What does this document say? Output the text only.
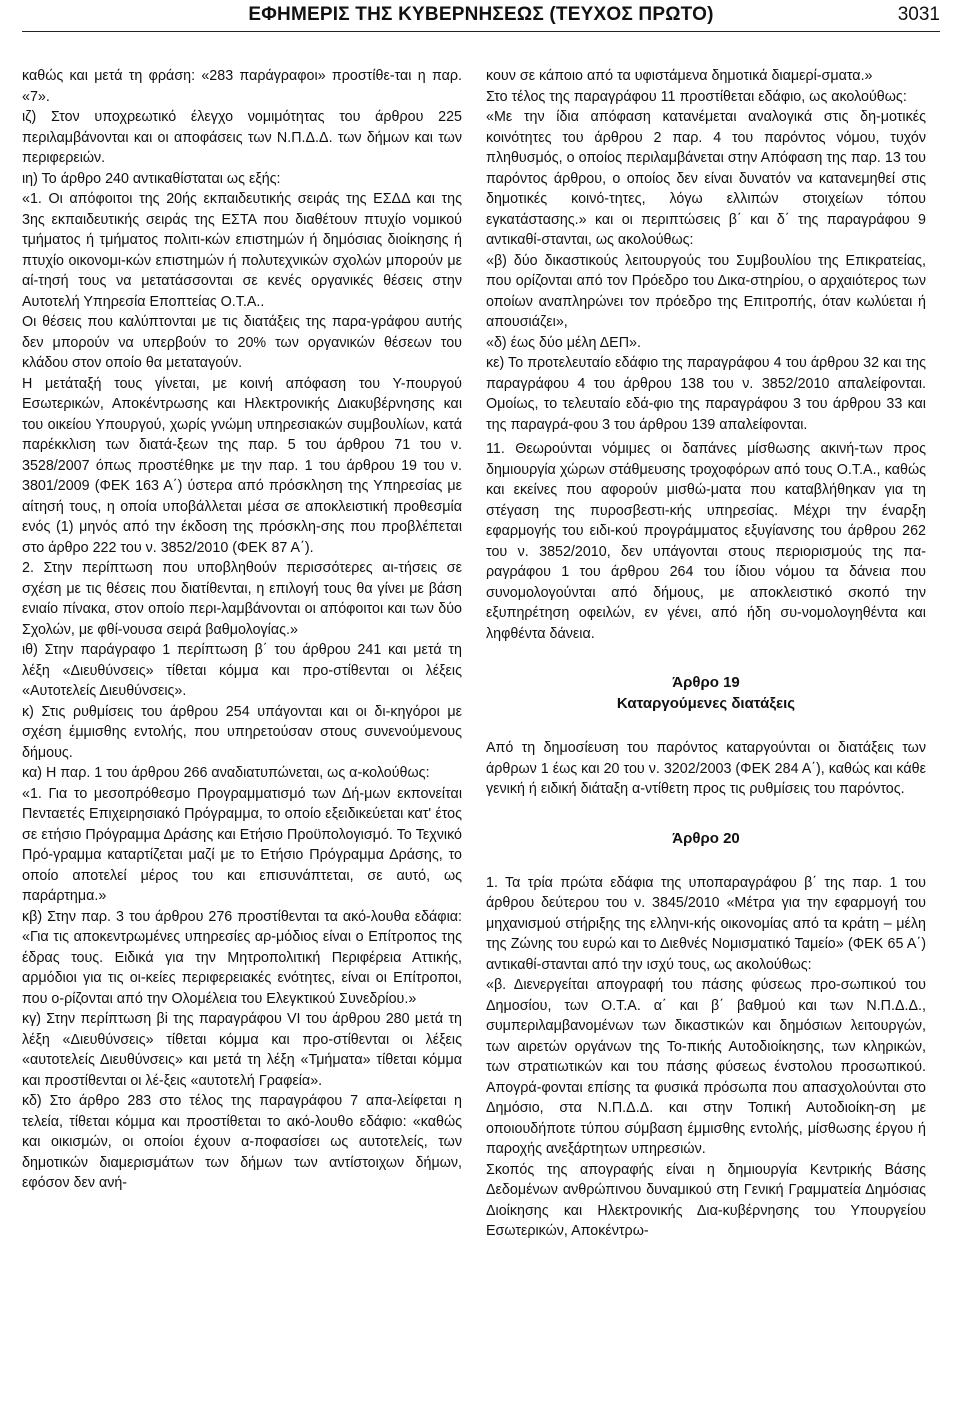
ΕΦΗΜΕΡΙΣ ΤΗΣ ΚΥΒΕΡΝΗΣΕΩΣ (ΤΕΥΧΟΣ ΠΡΩΤΟ)	3031

καθώς και μετά τη φράση: «283 παράγραφοι» προστίθε-ται η παρ. «7».

ιζ) Στον υποχρεωτικό έλεγχο νομιμότητας του άρθρου 225 περιλαμβάνονται και οι αποφάσεις των Ν.Π.Δ.Δ. των δήμων και των περιφερειών.

ιη) Το άρθρο 240 αντικαθίσταται ως εξής:

«1. Οι απόφοιτοι της 20ής εκπαιδευτικής σειράς της ΕΣΔΔ και της 3ης εκπαιδευτικής σειράς της ΕΣΤΑ που διαθέτουν πτυχίο νομικού τμήματος ή τμήματος πολιτι-κών επιστημών ή δημόσιας διοίκησης ή πτυχίο οικονομι-κών επιστημών ή πολυτεχνικών σχολών μπορούν με αί-τησή τους να μετατάσσονται σε κενές οργανικές θέσεις στην Αυτοτελή Υπηρεσία Εποπτείας Ο.Τ.Α..

Οι θέσεις που καλύπτονται με τις διατάξεις της παρα-γράφου αυτής δεν μπορούν να υπερβούν το 20% των οργανικών θέσεων του κλάδου στον οποίο θα μεταταγούν.

Η μετάταξή τους γίνεται, με κοινή απόφαση του Υ-πουργού Εσωτερικών, Αποκέντρωσης και Ηλεκτρονικής Διακυβέρνησης και του οικείου Υπουργού, χωρίς γνώμη υπηρεσιακών συμβουλίων, κατά παρέκκλιση των διατά-ξεων της παρ. 5 του άρθρου 71 του ν. 3528/2007 όπως προστέθηκε με την παρ. 1 του άρθρου 19 του ν. 3801/2009 (ΦΕΚ 163 Α΄) ύστερα από πρόσκληση της Υπηρεσίας με αίτησή τους, η οποία υποβάλλεται μέσα σε αποκλειστική προθεσμία ενός (1) μηνός από την έκδοση της πρόσκλη-σης που προβλέπεται στο άρθρο 222 του ν. 3852/2010 (ΦΕΚ 87 Α΄).

2. Στην περίπτωση που υποβληθούν περισσότερες αι-τήσεις σε σχέση με τις θέσεις που διατίθενται, η επιλογή τους θα γίνει με βάση ενιαίο πίνακα, στον οποίο περι-λαμβάνονται οι απόφοιτοι και των δύο Σχολών, με φθί-νουσα σειρά βαθμολογίας.»

ιθ) Στην παράγραφο 1 περίπτωση β΄ του άρθρου 241 και μετά τη λέξη «Διευθύνσεις» τίθεται κόμμα και προ-στίθενται οι λέξεις «Αυτοτελείς Διευθύνσεις».

κ) Στις ρυθμίσεις του άρθρου 254 υπάγονται και οι δι-κηγόροι με σχέση έμμισθης εντολής, που υπηρετούσαν στους συνενούμενους δήμους.

κα) Η παρ. 1 του άρθρου 266 αναδιατυπώνεται, ως α-κολούθως:

«1. Για το μεσοπρόθεσμο Προγραμματισμό των Δή-μων εκπονείται Πενταετές Επιχειρησιακό Πρόγραμμα, το οποίο εξειδικεύεται κατ' έτος σε ετήσιο Πρόγραμμα Δράσης και Ετήσιο Προϋπολογισμό. Το Τεχνικό Πρό-γραμμα καταρτίζεται μαζί με το Ετήσιο Πρόγραμμα Δράσης, το οποίο αποτελεί μέρος του και επισυνάπτεται, σε αυτό, ως παράρτημα.»

κβ) Στην παρ. 3 του άρθρου 276 προστίθενται τα ακό-λουθα εδάφια: «Για τις αποκεντρωμένες υπηρεσίες αρ-μόδιος είναι ο Επίτροπος της έδρας τους. Ειδικά για την Μητροπολιτική Περιφέρεια Αττικής, αρμόδιοι για τις οι-κείες περιφερειακές ενότητες, είναι οι Επίτροποι, που ο-ρίζονται από την Ολομέλεια του Ελεγκτικού Συνεδρίου.»

κγ) Στην περίπτωση βi της παραγράφου VI του άρθρου 280 μετά τη λέξη «Διευθύνσεις» τίθεται κόμμα και προ-στίθενται οι λέξεις «αυτοτελείς Διευθύνσεις» και μετά τη λέξη «Τμήματα» τίθεται κόμμα και προστίθενται οι λέ-ξεις «αυτοτελή Γραφεία».

κδ) Στο άρθρο 283 στο τέλος της παραγράφου 7 απα-λείφεται η τελεία, τίθεται κόμμα και προστίθεται το ακό-λουθο εδάφιο: «καθώς και οικισμών, οι οποίοι έχουν α-ποφασίσει ως αυτοτελείς, των δημοτικών διαμερισμάτων των δήμων των αντίστοιχων δήμων, εφόσον δεν ανή-

κουν σε κάποιο από τα υφιστάμενα δημοτικά διαμερί-σματα.»

Στο τέλος της παραγράφου 11 προστίθεται εδάφιο, ως ακολούθως:

«Με την ίδια απόφαση κατανέμεται αναλογικά στις δη-μοτικές κοινότητες του άρθρου 2 παρ. 4 του παρόντος νόμου, τυχόν πληθυσμός, ο οποίος περιλαμβάνεται στην Απόφαση της παρ. 13 του παρόντος άρθρου, ο οποίος δεν είναι δυνατόν να κατανεμηθεί στις δημοτικές κοινό-τητες, λόγω ελλιπών στοιχείων τόπου εγκατάστασης.» και οι περιπτώσεις β΄ και δ΄ της παραγράφου 9 αντικαθί-στανται, ως ακολούθως:

«β) δύο δικαστικούς λειτουργούς του Συμβουλίου της Επικρατείας, που ορίζονται από τον Πρόεδρο του Δικα-στηρίου, ο αρχαιότερος των οποίων αναπληρώνει τον πρόεδρο της Επιτροπής, όταν κωλύεται ή απουσιάζει»,

«δ) έως δύο μέλη ΔΕΠ».

κε) Το προτελευταίο εδάφιο της παραγράφου 4 του άρθρου 32 και της παραγράφου 4 του άρθρου 138 του ν. 3852/2010 απαλείφονται. Ομοίως, το τελευταίο εδά-φιο της παραγράφου 3 του άρθρου 33 και της παραγρά-φου 3 του άρθρου 139 απαλείφονται.

11. Θεωρούνται νόμιμες οι δαπάνες μίσθωσης ακινή-των προς δημιουργία χώρων στάθμευσης τροχοφόρων από τους Ο.Τ.Α., καθώς και εκείνες που αφορούν μισθώ-ματα που καταβλήθηκαν για τη στέγαση της πυροσβεστι-κής υπηρεσίας. Μέχρι την έναρξη εφαρμογής του ειδι-κού προγράμματος εξυγίανσης του άρθρου 262 του ν. 3852/2010, δεν υπάγονται στους περιορισμούς της πα-ραγράφου 1 του άρθρου 264 του ίδιου νόμου τα δάνεια που συνομολογούνται από δήμους, με αποκλειστικό σκοπό την εξυπηρέτηση οφειλών, εν γένει, από ήδη συ-νομολογηθέντα και ληφθέντα δάνεια.

Άρθρο 19

Καταργούμενες διατάξεις

Από τη δημοσίευση του παρόντος καταργούνται οι διατάξεις των άρθρων 1 έως και 20 του ν. 3202/2003 (ΦΕΚ 284 Α΄), καθώς και κάθε γενική ή ειδική διάταξη α-ντίθετη προς τις ρυθμίσεις του παρόντος.

Άρθρο 20

1. Τα τρία πρώτα εδάφια της υποπαραγράφου β΄ της παρ. 1 του άρθρου δεύτερου του ν. 3845/2010 «Μέτρα για την εφαρμογή του μηχανισμού στήριξης της ελληνι-κής οικονομίας από τα κράτη – μέλη της Ζώνης του ευρώ και το Διεθνές Νομισματικό Ταμείο» (ΦΕΚ 65 Α΄) αντικαθί-στανται από την ισχύ τους, ως ακολούθως:

«β. Διενεργείται απογραφή του πάσης φύσεως προ-σωπικού του Δημοσίου, των Ο.Τ.Α. α΄ και β΄ βαθμού και των Ν.Π.Δ.Δ., συμπεριλαμβανομένων των δικαστικών και δημόσιων λειτουργών, των αιρετών οργάνων της Το-πικής Αυτοδιοίκησης, των κληρικών, των στρατιωτικών και του πάσης φύσεως ένστολου προσωπικού. Απογρά-φονται επίσης τα φυσικά πρόσωπα που απασχολούνται στο Δημόσιο, στα Ν.Π.Δ.Δ. και στην Τοπική Αυτοδιοίκη-ση με οποιουδήποτε τύπου σύμβαση έμμισθης εντολής, μίσθωσης έργου ή παροχής ανεξάρτητων υπηρεσιών.

Σκοπός της απογραφής είναι η δημιουργία Κεντρικής Βάσης Δεδομένων ανθρώπινου δυναμικού στη Γενική Γραμματεία Δημόσιας Διοίκησης και Ηλεκτρονικής Δια-κυβέρνησης του Υπουργείου Εσωτερικών, Αποκέντρω-
